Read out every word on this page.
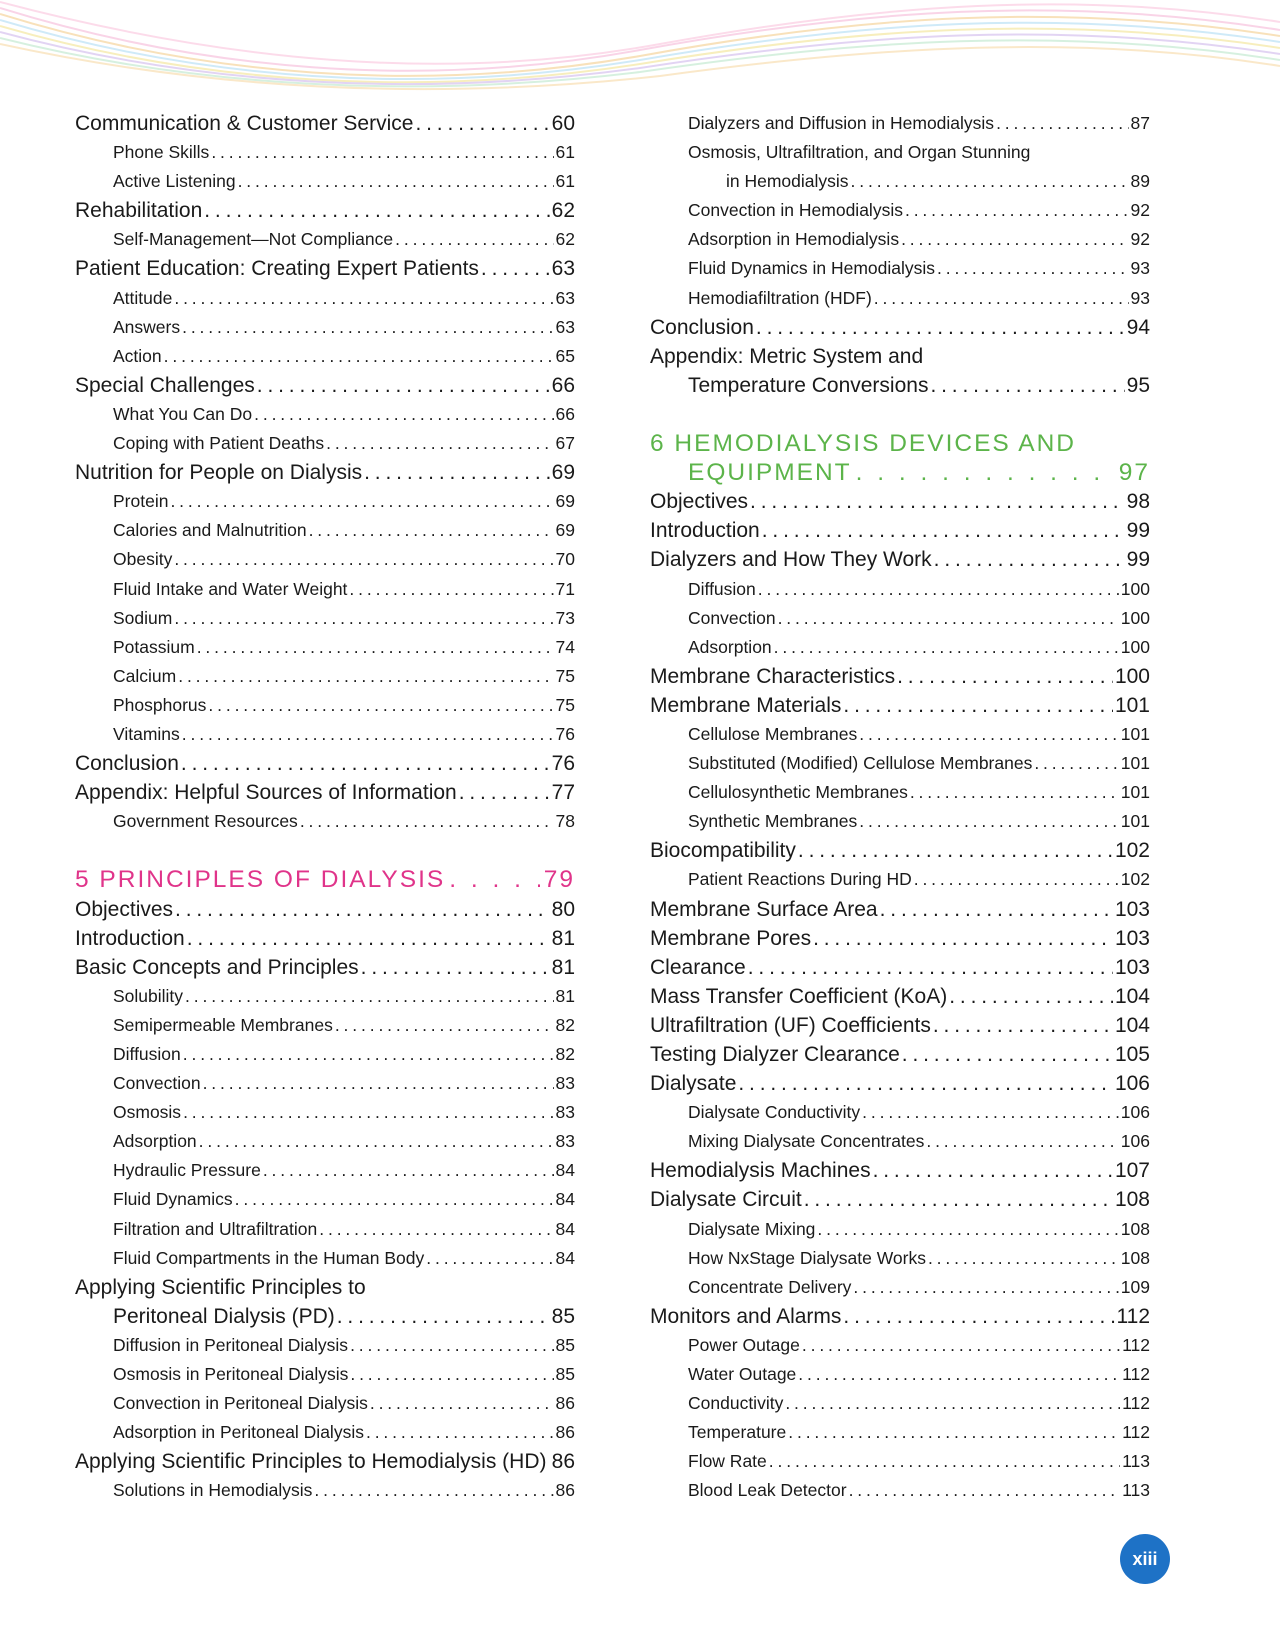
Communication & Customer Service . . .	60
Phone Skills . . .	61
Active Listening . . .	61
Rehabilitation . . .	62
Self-Management—Not Compliance . . .	62
Patient Education: Creating Expert Patients . . .	63
Attitude . . .	63
Answers . . .	63
Action . . .	65
Special Challenges . . .	66
What You Can Do . . .	66
Coping with Patient Deaths . . .	67
Nutrition for People on Dialysis . . .	69
Protein . . .	69
Calories and Malnutrition . . .	69
Obesity . . .	70
Fluid Intake and Water Weight . . .	71
Sodium . . .	73
Potassium . . .	74
Calcium . . .	75
Phosphorus . . .	75
Vitamins . . .	76
Conclusion . . .	76
Appendix: Helpful Sources of Information . . .	77
Government Resources . . .	78
5 PRINCIPLES OF DIALYSIS . . .	79
Objectives . . .	80
Introduction . . .	81
Basic Concepts and Principles . . .	81
Solubility . . .	81
Semipermeable Membranes . . .	82
Diffusion . . .	82
Convection . . .	83
Osmosis . . .	83
Adsorption . . .	83
Hydraulic Pressure . . .	84
Fluid Dynamics . . .	84
Filtration and Ultrafiltration . . .	84
Fluid Compartments in the Human Body . . .	84
Applying Scientific Principles to
Peritoneal Dialysis (PD) . . .	85
Diffusion in Peritoneal Dialysis . . .	85
Osmosis in Peritoneal Dialysis . . .	85
Convection in Peritoneal Dialysis . . .	86
Adsorption in Peritoneal Dialysis . . .	86
Applying Scientific Principles to Hemodialysis (HD) 86
Solutions in Hemodialysis . . .	86
Dialyzers and Diffusion in Hemodialysis . . .	87
Osmosis, Ultrafiltration, and Organ Stunning
in Hemodialysis . . .	89
Convection in Hemodialysis . . .	92
Adsorption in Hemodialysis . . .	92
Fluid Dynamics in Hemodialysis . . .	93
Hemodiafiltration (HDF) . . .	93
Conclusion . . .	94
Appendix: Metric System and
Temperature Conversions . . .	95
6 HEMODIALYSIS DEVICES AND
EQUIPMENT . . .	97
Objectives . . .	98
Introduction . . .	99
Dialyzers and How They Work . . .	99
Diffusion . . .	100
Convection . . .	100
Adsorption . . .	100
Membrane Characteristics . . .	100
Membrane Materials . . .	101
Cellulose Membranes . . .	101
Substituted (Modified) Cellulose Membranes . . .	101
Cellulosynthetic Membranes . . .	101
Synthetic Membranes . . .	101
Biocompatibility . . .	102
Patient Reactions During HD . . .	102
Membrane Surface Area . . .	103
Membrane Pores . . .	103
Clearance . . .	103
Mass Transfer Coefficient (KoA) . . .	104
Ultrafiltration (UF) Coefficients . . .	104
Testing Dialyzer Clearance . . .	105
Dialysate . . .	106
Dialysate Conductivity . . .	106
Mixing Dialysate Concentrates . . .	106
Hemodialysis Machines . . .	107
Dialysate Circuit . . .	108
Dialysate Mixing . . .	108
How NxStage Dialysate Works . . .	108
Concentrate Delivery . . .	109
Monitors and Alarms . . .	112
Power Outage . . .	112
Water Outage . . .	112
Conductivity . . .	112
Temperature . . .	112
Flow Rate . . .	113
Blood Leak Detector . . .	113
xiii
